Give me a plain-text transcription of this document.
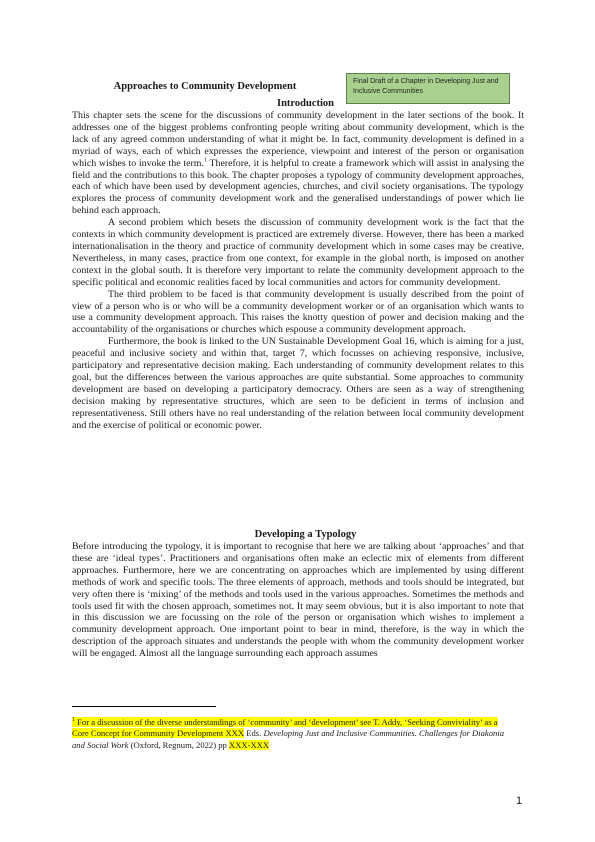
Final Draft of a Chapter in Developing Just and Inclusive Communities
Approaches to Community Development
Introduction

This chapter sets the scene for the discussions of community development in the later sections of the book. It addresses one of the biggest problems confronting people writing about community development, which is the lack of any agreed common understanding of what it might be. In fact, community development is defined in a myriad of ways, each of which expresses the experience, viewpoint and interest of the person or organisation which wishes to invoke the term.$^1$ Therefore, it is helpful to create a framework which will assist in analysing the field and the contributions to this book. The chapter proposes a typology of community development approaches, each of which have been used by development agencies, churches, and civil society organisations. The typology explores the process of community development work and the generalised understandings of power which lie behind each approach.

A second problem which besets the discussion of community development work is the fact that the contexts in which community development is practiced are extremely diverse. However, there has been a marked internationalisation in the theory and practice of community development which in some cases may be creative. Nevertheless, in many cases, practice from one context, for example in the global north, is imposed on another context in the global south. It is therefore very important to relate the community development approach to the specific political and economic realities faced by local communities and actors for community development.

The third problem to be faced is that community development is usually described from the point of view of a person who is or who will be a community development worker or of an organisation which wants to use a community development approach. This raises the knotty question of power and decision making and the accountability of the organisations or churches which espouse a community development approach.

Furthermore, the book is linked to the UN Sustainable Development Goal 16, which is aiming for a just, peaceful and inclusive society and within that, target 7, which focusses on achieving responsive, inclusive, participatory and representative decision making. Each understanding of community development relates to this goal, but the differences between the various approaches are quite substantial. Some approaches to community development are based on developing a participatory democracy. Others are seen as a way of strengthening decision making by representative structures, which are seen to be deficient in terms of inclusion and representativeness. Still others have no real understanding of the relation between local community development and the exercise of political or economic power.

Developing a Typology

Before introducing the typology, it is important to recognise that here we are talking about ‘approaches’ and that these are ‘ideal types’. Practitioners and organisations often make an eclectic mix of elements from different approaches. Furthermore, here we are concentrating on approaches which are implemented by using different methods of work and specific tools. The three elements of approach, methods and tools should be integrated, but very often there is ‘mixing’ of the methods and tools used in the various approaches. Sometimes the methods and tools used fit with the chosen approach, sometimes not. It may seem obvious, but it is also important to note that in this discussion we are focussing on the role of the person or organisation which wishes to implement a community development approach. One important point to bear in mind, therefore, is the way in which the description of the approach situates and understands the people with whom the community development worker will be engaged. Almost all the language surrounding each approach assumes

$^1$ For a discussion of the diverse understandings of ‘community’ and ‘development’ see T. Addy, ‘Seeking Conviviality’ as a Core Concept for Community Development XXX Eds. Developing Just and Inclusive Communities. Challenges for Diakonia and Social Work (Oxford, Regnum, 2022) pp XXX-XXX
1
